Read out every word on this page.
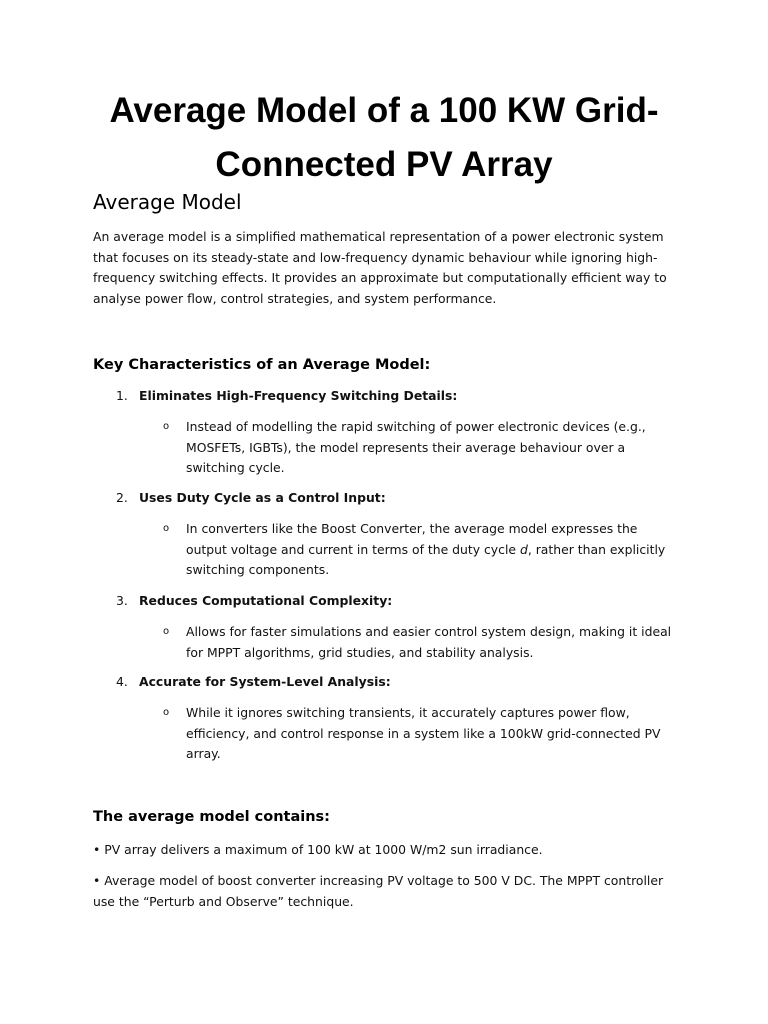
Average Model of a 100 KW Grid-Connected PV Array
Average Model

An average model is a simplified mathematical representation of a power electronic system that focuses on its steady-state and low-frequency dynamic behaviour while ignoring high-frequency switching effects. It provides an approximate but computationally efficient way to analyse power flow, control strategies, and system performance.

Key Characteristics of an Average Model:
1. Eliminates High-Frequency Switching Details:
o	Instead of modelling the rapid switching of power electronic devices (e.g., MOSFETs, IGBTs), the model represents their average behaviour over a switching cycle.
2. Uses Duty Cycle as a Control Input:
o	In converters like the Boost Converter, the average model expresses the output voltage and current in terms of the duty cycle d, rather than explicitly switching components.
3. Reduces Computational Complexity:
o	Allows for faster simulations and easier control system design, making it ideal for MPPT algorithms, grid studies, and stability analysis.
4. Accurate for System-Level Analysis:
o	While it ignores switching transients, it accurately captures power flow, efficiency, and control response in a system like a 100kW grid-connected PV array.
The average model contains:
• PV array delivers a maximum of 100 kW at 1000 W/m2 sun irradiance.
• Average model of boost converter increasing PV voltage to 500 V DC. The MPPT controller use the “Perturb and Observe” technique.
